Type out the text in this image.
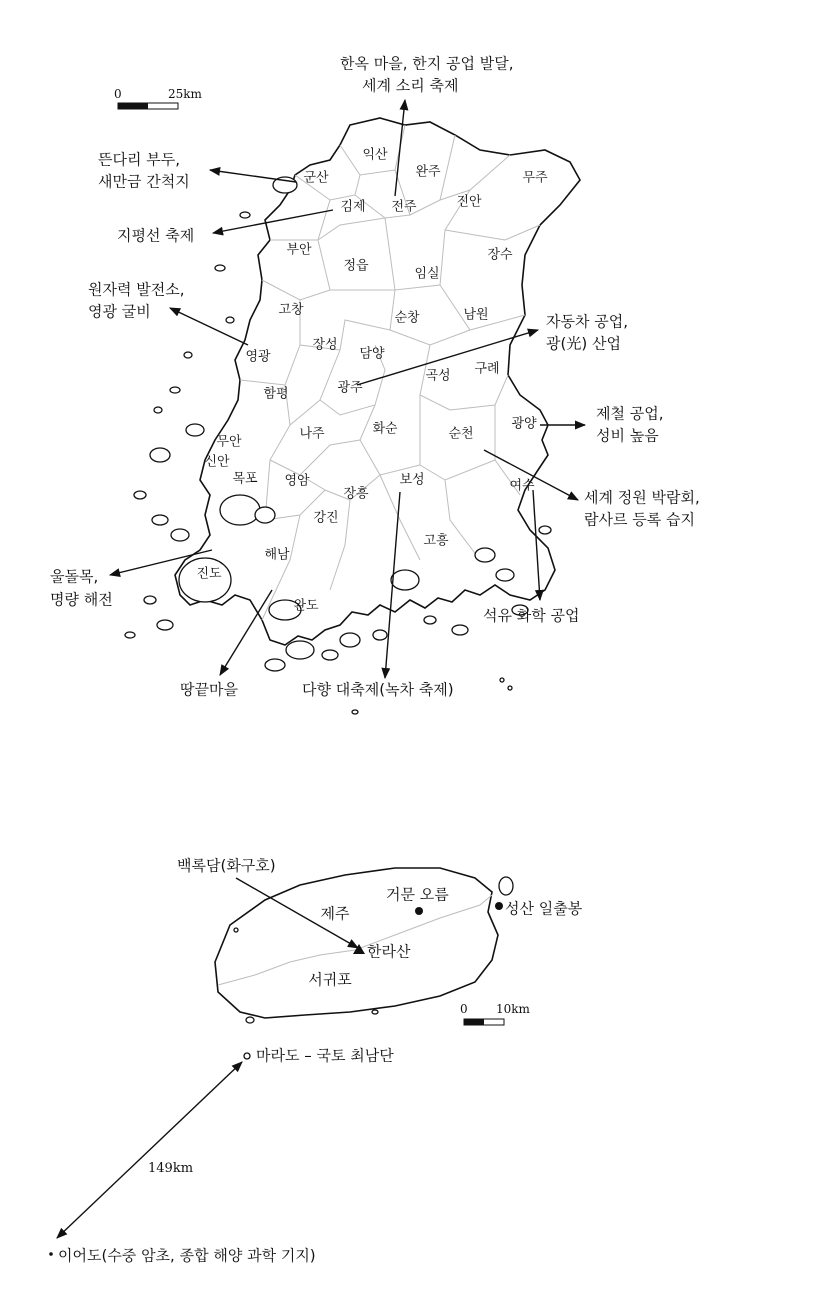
0	25km
익산
완주	무주
군산
김제 전주	진안
부안
정읍
임실
장수
고창
순창	남원
장성
담양
영광
광주
곡성 구례
함평
광양
화순	순천
나주
무안
신안
목포 영암	보성	여수
장흥
강진
고흥
해남
진도
완도
한옥 마을, 한지 공업 발달,
세계 소리 축제
뜬다리 부두,
새만금 간척지
지평선 축제
원자력 발전소,
영광 굴비
자동차 공업,
광(光) 산업
제철 공업,
성비 높음
세계 정원 박람회,
람사르 등록 습지
석유 화학 공업
울돌목,
명량 해전
땅끝마을	다향 대축제(녹차 축제)
제주
서귀포
백록담(화구호)
한라산
거문 오름
성산 일출봉
0 10km
마라도 – 국토 최남단
149km
이어도(수중 암초, 종합 해양 과학 기지)
